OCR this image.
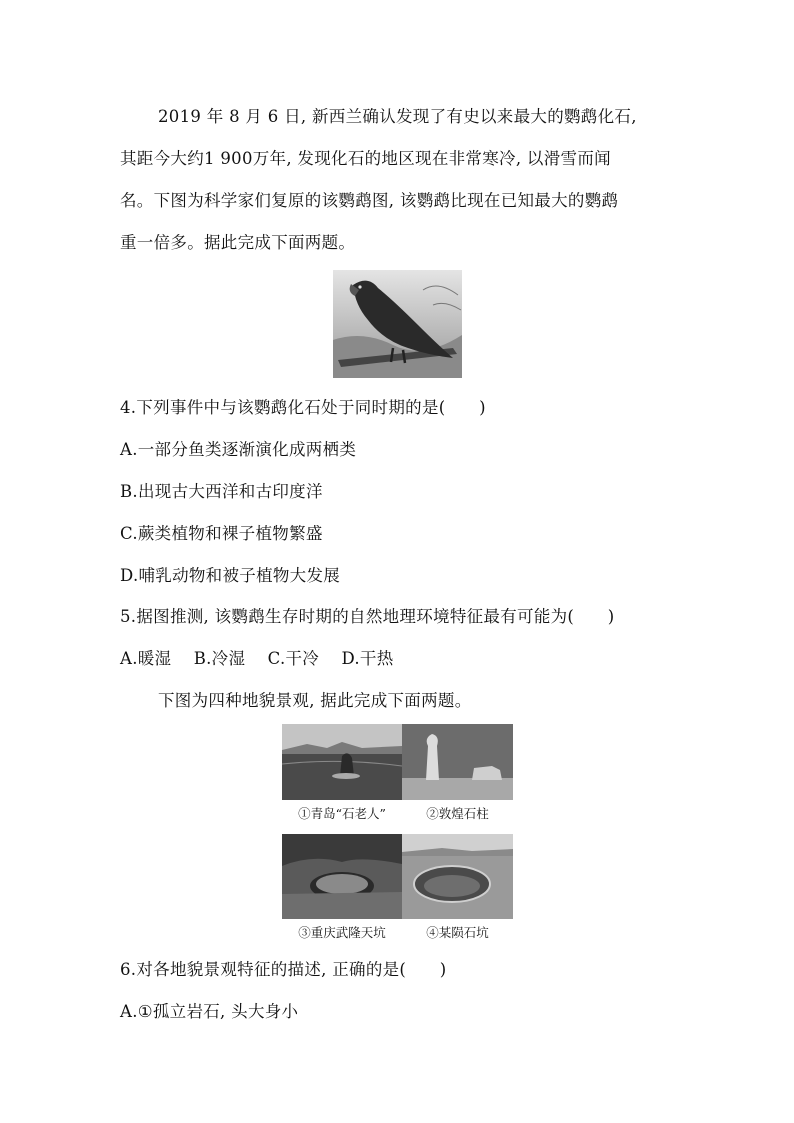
2019 年 8 月 6 日, 新西兰确认发现了有史以来最大的鹦鹉化石,
其距今大约1 900万年, 发现化石的地区现在非常寒冷, 以滑雪而闻
名。下图为科学家们复原的该鹦鹉图, 该鹦鹉比现在已知最大的鹦鹉
重一倍多。据此完成下面两题。
4.下列事件中与该鹦鹉化石处于同时期的是(　　)
A.一部分鱼类逐渐演化成两栖类
B.出现古大西洋和古印度洋
C.蕨类植物和裸子植物繁盛
D.哺乳动物和被子植物大发展
5.据图推测, 该鹦鹉生存时期的自然地理环境特征最有可能为(　　)
A.暖湿　 B.冷湿　 C.干冷　 D.干热
下图为四种地貌景观, 据此完成下面两题。
①青岛“石老人”	②敦煌石柱
③重庆武隆天坑	④某陨石坑
6.对各地貌景观特征的描述, 正确的是(　　)
A.①孤立岩石, 头大身小
